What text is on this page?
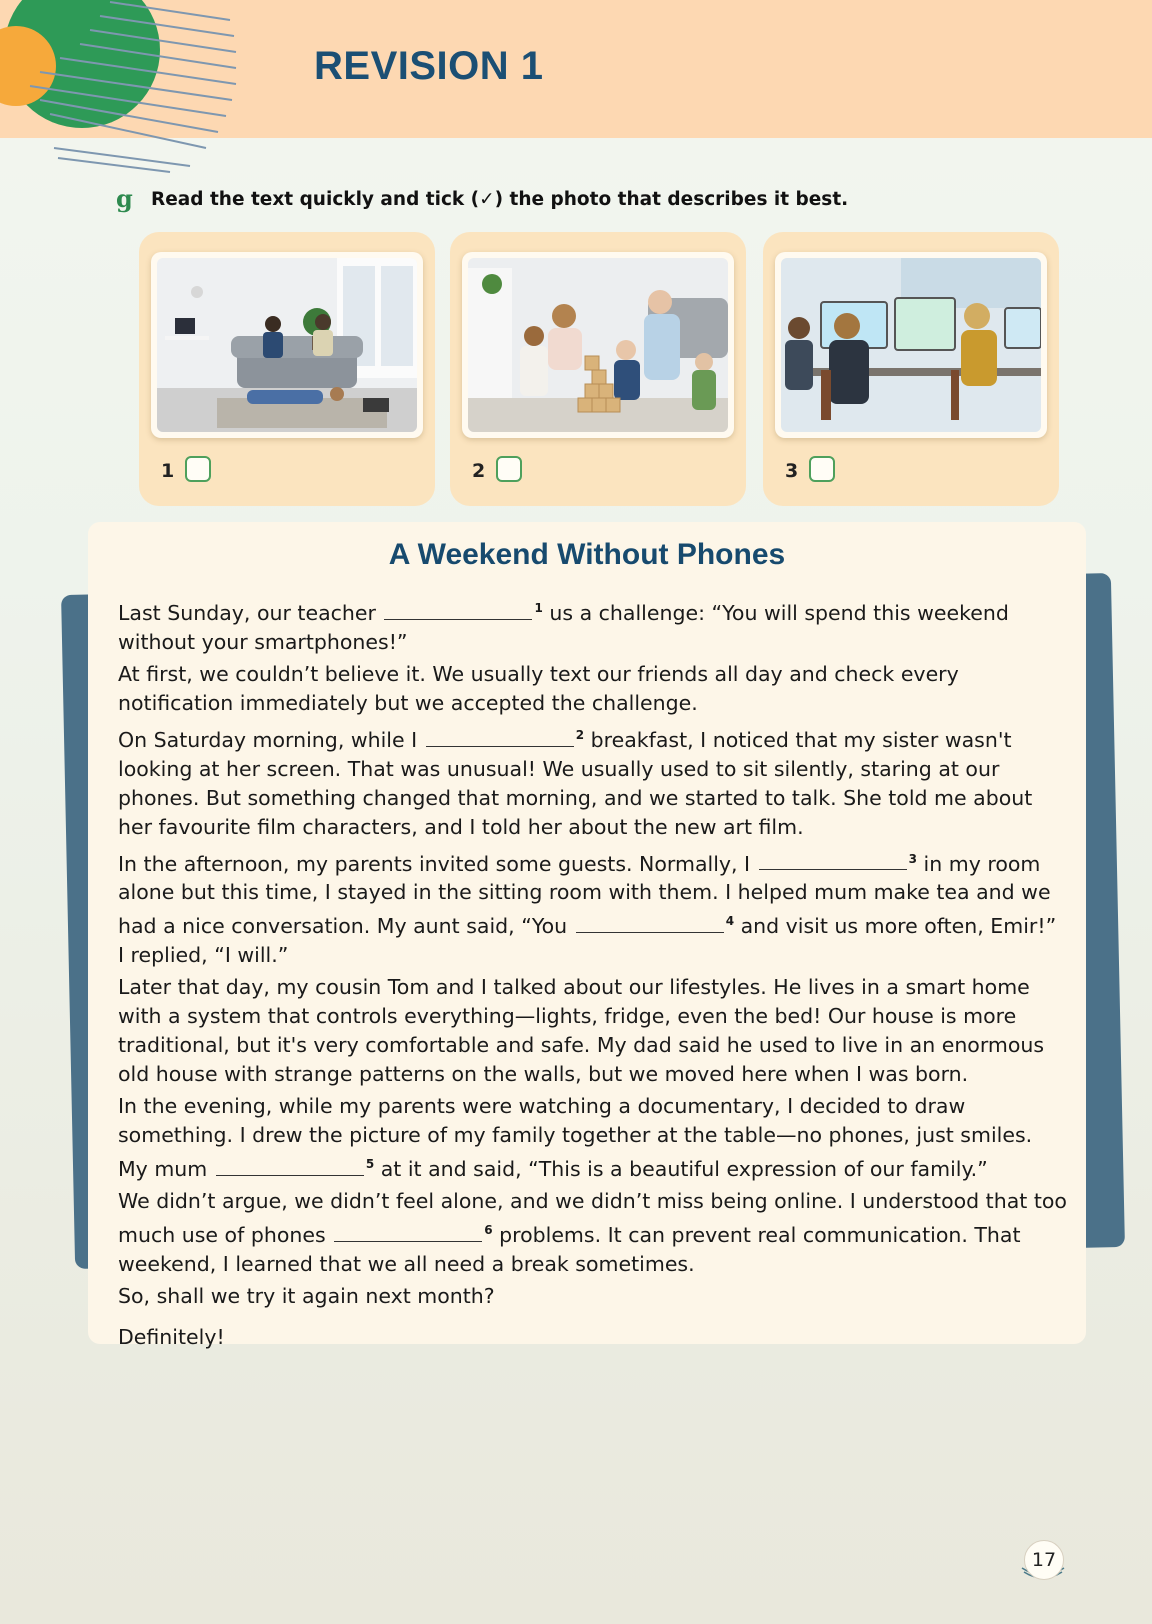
REVISION 1
g Read the text quickly and tick (✓) the photo that describes it best.
1	2	3
A Weekend Without Phones

Last Sunday, our teacher	$^1$ us a challenge: “You will spend this weekend without your smartphones!”

At first, we couldn’t believe it. We usually text our friends all day and check every notification immediately but we accepted the challenge.

On Saturday morning, while I	$^2$ breakfast, I noticed that my sister wasn't looking at her screen. That was unusual! We usually used to sit silently, staring at our phones. But something changed that morning, and we started to talk. She told me about her favourite film characters, and I told her about the new art film.

In the afternoon, my parents invited some guests. Normally, I	$^3$ in my room alone but this time, I stayed in the sitting room with them. I helped mum make tea and we had a nice conversation. My aunt said, “You	$^4$ and visit us more often, Emir!” I replied, “I will.”

Later that day, my cousin Tom and I talked about our lifestyles. He lives in a smart home with a system that controls everything—lights, fridge, even the bed! Our house is more traditional, but it's very comfortable and safe. My dad said he used to live in an enormous old house with strange patterns on the walls, but we moved here when I was born.

In the evening, while my parents were watching a documentary, I decided to draw something. I drew the picture of my family together at the table—no phones, just smiles. My mum	$^5$ at it and said, “This is a beautiful expression of our family.”

We didn’t argue, we didn’t feel alone, and we didn’t miss being online. I understood that too much use of phones	$^6$ problems. It can prevent real communication. That weekend, I learned that we all need a break sometimes.

So, shall we try it again next month?

Definitely!

17
